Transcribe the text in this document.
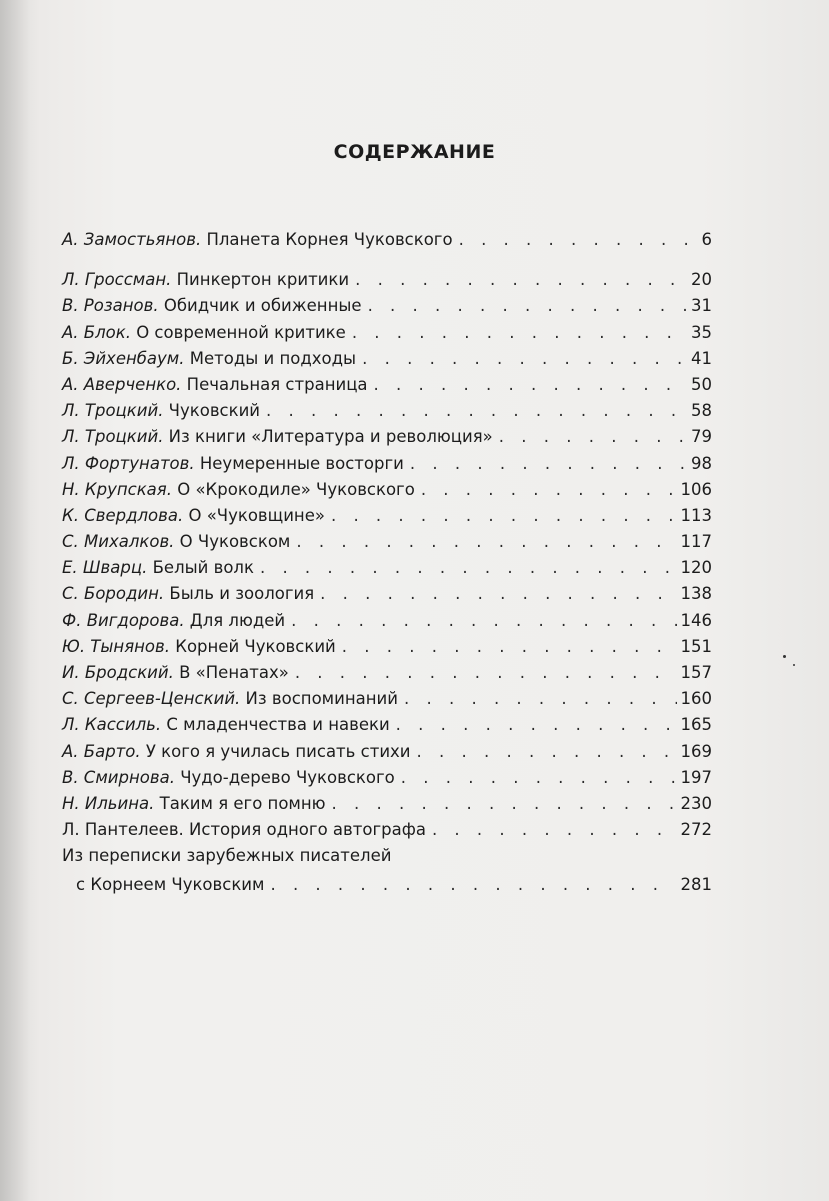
СОДЕРЖАНИЕ
А. Замостьянов. Планета Корнея Чуковского . . .	6
Л. Гроссман. Пинкертон критики . . .	20
В. Розанов. Обидчик и обиженные . . .	31
А. Блок. О современной критике . . .	35
Б. Эйхенбаум. Методы и подходы . . .	41
А. Аверченко. Печальная страница . . .	50
Л. Троцкий. Чуковский . . .	58
Л. Троцкий. Из книги «Литература и революция» . . .	79
Л. Фортунатов. Неумеренные восторги . . .	98
Н. Крупская. О «Крокодиле» Чуковского . . .	106
К. Свердлова. О «Чуковщине» . . .	113
С. Михалков. О Чуковском . . .	117
Е. Шварц. Белый волк . . .	120
С. Бородин. Быль и зоология . . .	138
Ф. Вигдорова. Для людей . . .	146
Ю. Тынянов. Корней Чуковский . . .	151
И. Бродский. В «Пенатах» . . .	157
С. Сергеев-Ценский. Из воспоминаний . . .	160
Л. Кассиль. С младенчества и навеки . . .	165
А. Барто. У кого я училась писать стихи . . .	169
В. Смирнова. Чудо-дерево Чуковского . . .	197
Н. Ильина. Таким я его помню . . .	230
Л. Пантелеев. История одного автографа . . .	272
Из переписки зарубежных писателей
с Корнеем Чуковским . . .	281
